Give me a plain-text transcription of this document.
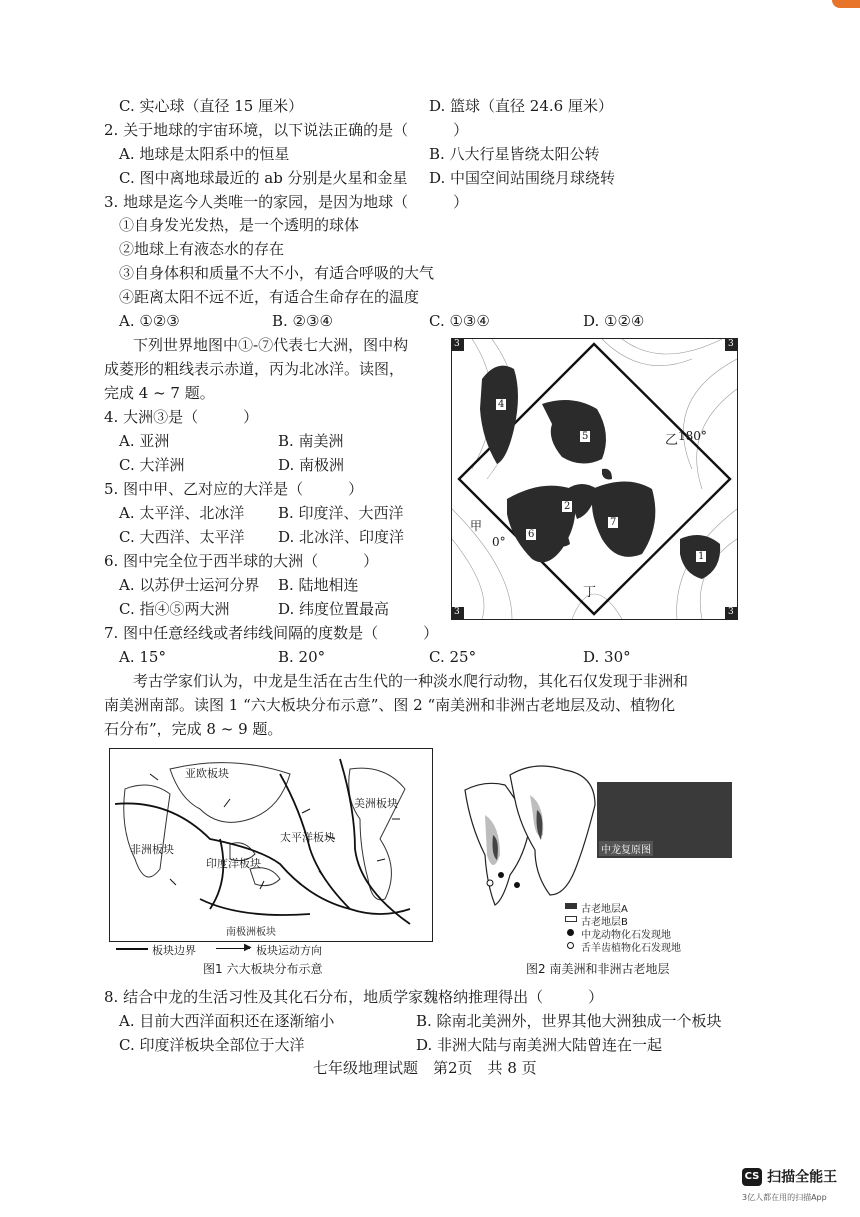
C. 实心球（直径 15 厘米）	D. 篮球（直径 24.6 厘米）
2. 关于地球的宇宙环境，以下说法正确的是（　　　）
A. 地球是太阳系中的恒星	B. 八大行星皆绕太阳公转
C. 图中离地球最近的 ab 分别是火星和金星 D. 中国空间站围绕月球绕转
3. 地球是迄今人类唯一的家园，是因为地球（　　　）
①自身发光发热，是一个透明的球体
②地球上有液态水的存在
③自身体积和质量不大不小，有适合呼吸的大气
④距离太阳不远不近，有适合生命存在的温度
A. ①②③	B. ②③④	C. ①③④	D. ①②④
下列世界地图中①-⑦代表七大洲，图中构
成菱形的粗线表示赤道，丙为北冰洋。读图，
完成 4 ~ 7 题。
4. 大洲③是（　　　）
A. 亚洲	B. 南美洲
C. 大洋洲	D. 南极洲
5. 图中甲、乙对应的大洋是（　　　）
A. 太平洋、北冰洋 B. 印度洋、大西洋
C. 大西洋、太平洋 D. 北冰洋、印度洋
6. 图中完全位于西半球的大洲（　　　）
A. 以苏伊士运河分界 B. 陆地相连
C. 指④⑤两大洲	D. 纬度位置最高
3	3
3	3
4
5
6
2
7
1
1
甲
0°
乙 180°
丁
7. 图中任意经线或者纬线间隔的度数是（　　　）
A. 15°	B. 20°	C. 25°	D. 30°
考古学家们认为，中龙是生活在古生代的一种淡水爬行动物，其化石仅发现于非洲和
南美洲南部。读图 1 “六大板块分布示意”、图 2 “南美洲和非洲古老地层及动、植物化
石分布”，完成 8 ~ 9 题。
亚欧板块
美洲板块
非洲板块
太平洋板块
印度洋板块
南极洲板块
板块边界	▶ 板块运动方向
图1 六大板块分布示意
中龙复原图
古老地层A
古老地层B
中龙动物化石发现地
舌羊齿植物化石发现地
图2 南美洲和非洲古老地层
8. 结合中龙的生活习性及其化石分布，地质学家魏格纳推理得出（　　　）
A. 目前大西洋面积还在逐渐缩小	B. 除南北美洲外，世界其他大洲独成一个板块
C. 印度洋板块全部位于大洋	D. 非洲大陆与南美洲大陆曾连在一起
七年级地理试题　第2页　共 8 页
CS 扫描全能王
3亿人都在用的扫描App
